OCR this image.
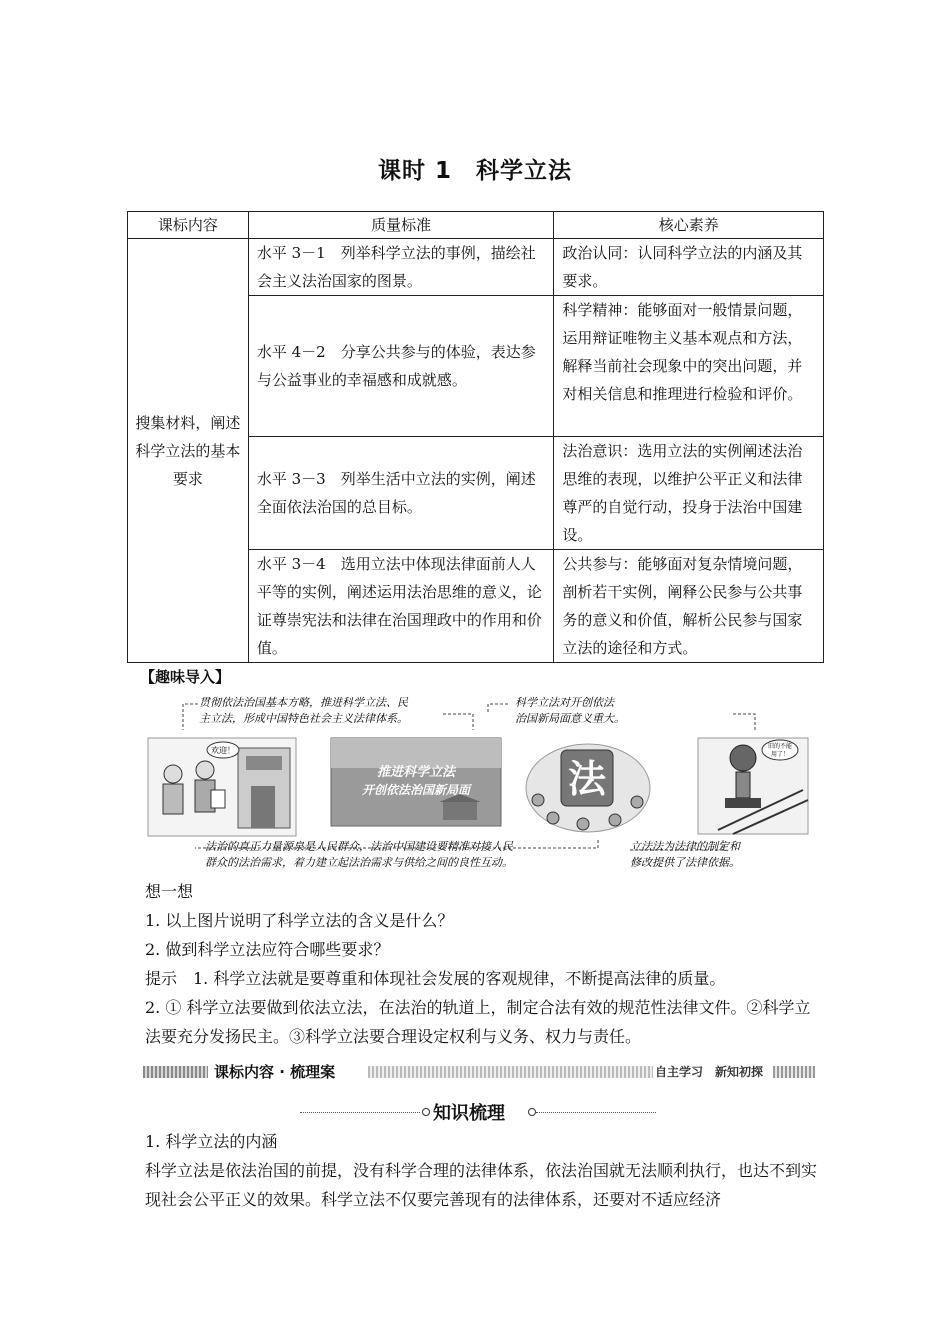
课时 1　科学立法
课标内容	质量标准	核心素养
搜集材料，阐述科学立法的基本要求	水平 3－1　列举科学立法的事例，描绘社会主义法治国家的图景。	政治认同：认同科学立法的内涵及其要求。
	水平 4－2　分享公共参与的体验，表达参与公益事业的幸福感和成就感。	科学精神：能够面对一般情景问题，运用辩证唯物主义基本观点和方法，解释当前社会现象中的突出问题，并对相关信息和推理进行检验和评价。
	水平 3－3　列举生活中立法的实例，阐述全面依法治国的总目标。	法治意识：选用立法的实例阐述法治思维的表现，以维护公平正义和法律尊严的自觉行动，投身于法治中国建设。
	水平 3－4　选用立法中体现法律面前人人平等的实例，阐述运用法治思维的意义，论证尊崇宪法和法律在治国理政中的作用和价值。	公共参与：能够面对复杂情境问题，剖析若干实例，阐释公民参与公共事务的意义和价值，解析公民参与国家立法的途径和方式。
【趣味导入】
贯彻依法治国基本方略，推进科学立法、民
主立法，形成中国特色社会主义法律体系。
科学立法对开创依法
治国新局面意义重大。
欢迎！
推进科学立法
开创依法治国新局面	法
旧的不能
用了！
法治的真正力量源泉是人民群众，法治中国建设要精准对接人民
群众的法治需求，着力建立起法治需求与供给之间的良性互动。
立法法为法律的制定和
修改提供了法律依据。
想一想
1. 以上图片说明了科学立法的含义是什么？
2. 做到科学立法应符合哪些要求？
提示　1. 科学立法就是要尊重和体现社会发展的客观规律，不断提高法律的质量。
2. ① 科学立法要做到依法立法，在法治的轨道上，制定合法有效的规范性法律文件。②科学立法要充分发扬民主。③科学立法要合理设定权利与义务、权力与责任。
课标内容 · 梳理案	自主学习　新知初探
知识梳理
1. 科学立法的内涵
科学立法是依法治国的前提，没有科学合理的法律体系，依法治国就无法顺利执行，也达不到实现社会公平正义的效果。科学立法不仅要完善现有的法律体系，还要对不适应经济
